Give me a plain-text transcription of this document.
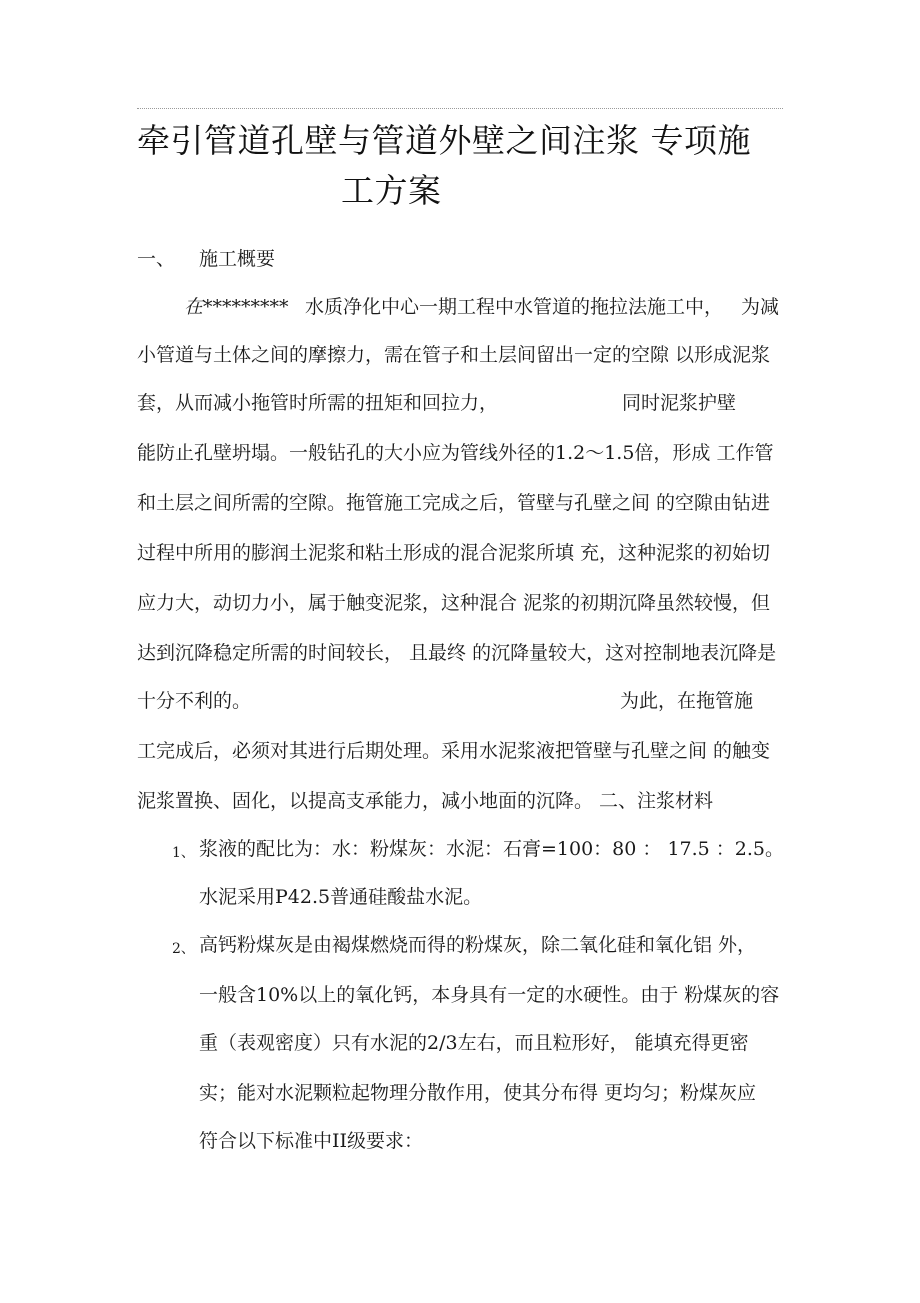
牵引管道孔壁与管道外壁之间注浆 专项施
工方案
一、 施工概要
在********* 水质净化中心一期工程中水管道的拖拉法施工中， 为减
小管道与土体之间的摩擦力，需在管子和土层间留出一定的空隙 以形成泥浆
套，从而减小拖管时所需的扭矩和回拉力，	同时泥浆护壁
能防止孔壁坍塌。一般钻孔的大小应为管线外径的1.2～1.5倍，形成 工作管
和土层之间所需的空隙。拖管施工完成之后，管壁与孔壁之间 的空隙由钻进
过程中所用的膨润土泥浆和粘土形成的混合泥浆所填 充，这种泥浆的初始切
应力大，动切力小，属于触变泥浆，这种混合 泥浆的初期沉降虽然较慢，但
达到沉降稳定所需的时间较长， 且最终 的沉降量较大，这对控制地表沉降是
十分不利的。	为此，在拖管施
工完成后，必须对其进行后期处理。采用水泥浆液把管壁与孔壁之间 的触变
泥浆置换、固化，以提高支承能力，减小地面的沉降。 二、注浆材料
1、 浆液的配比为：水：粉煤灰：水泥：石膏=100：80 ： 17.5 ：2.5。
水泥采用P42.5普通硅酸盐水泥。
2、 高钙粉煤灰是由褐煤燃烧而得的粉煤灰，除二氧化硅和氧化铝 外，
一般含10%以上的氧化钙，本身具有一定的水硬性。由于 粉煤灰的容
重（表观密度）只有水泥的2/3左右，而且粒形好， 能填充得更密
实；能对水泥颗粒起物理分散作用，使其分布得 更均匀；粉煤灰应
符合以下标准中II级要求：
